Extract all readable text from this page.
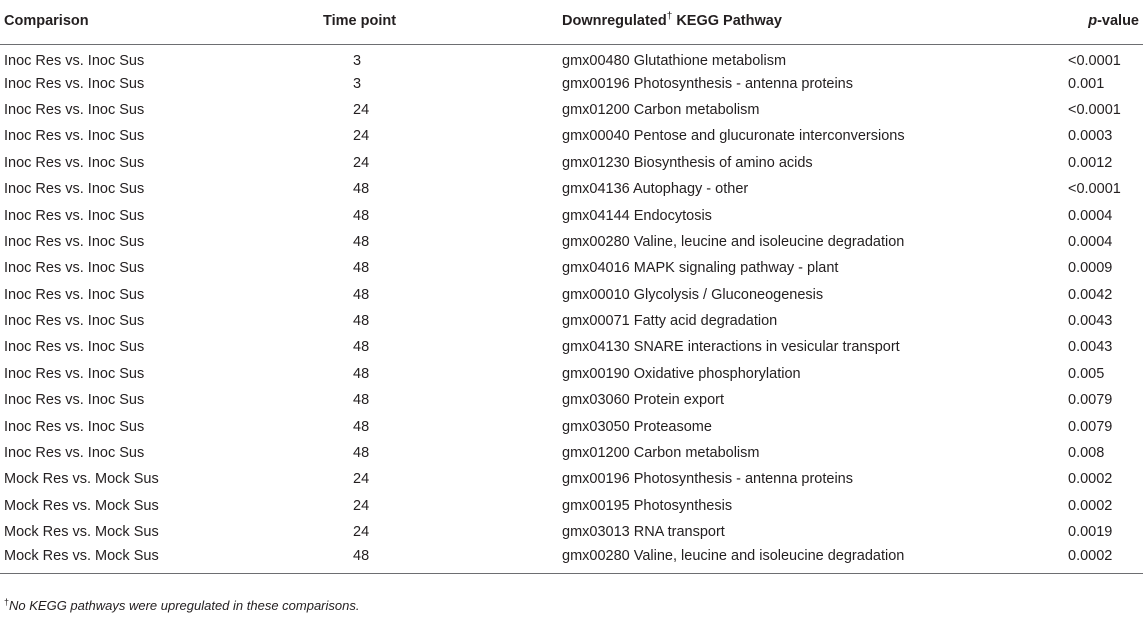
Comparison	Time point	Downregulated† KEGG Pathway	p-value
Inoc Res vs. Inoc Sus	3	gmx00480 Glutathione metabolism	<0.0001
Inoc Res vs. Inoc Sus	3	gmx00196 Photosynthesis - antenna proteins	0.001
Inoc Res vs. Inoc Sus	24	gmx01200 Carbon metabolism	<0.0001
Inoc Res vs. Inoc Sus	24	gmx00040 Pentose and glucuronate interconversions	0.0003
Inoc Res vs. Inoc Sus	24	gmx01230 Biosynthesis of amino acids	0.0012
Inoc Res vs. Inoc Sus	48	gmx04136 Autophagy - other	<0.0001
Inoc Res vs. Inoc Sus	48	gmx04144 Endocytosis	0.0004
Inoc Res vs. Inoc Sus	48	gmx00280 Valine, leucine and isoleucine degradation	0.0004
Inoc Res vs. Inoc Sus	48	gmx04016 MAPK signaling pathway - plant	0.0009
Inoc Res vs. Inoc Sus	48	gmx00010 Glycolysis / Gluconeogenesis	0.0042
Inoc Res vs. Inoc Sus	48	gmx00071 Fatty acid degradation	0.0043
Inoc Res vs. Inoc Sus	48	gmx04130 SNARE interactions in vesicular transport	0.0043
Inoc Res vs. Inoc Sus	48	gmx00190 Oxidative phosphorylation	0.005
Inoc Res vs. Inoc Sus	48	gmx03060 Protein export	0.0079
Inoc Res vs. Inoc Sus	48	gmx03050 Proteasome	0.0079
Inoc Res vs. Inoc Sus	48	gmx01200 Carbon metabolism	0.008
Mock Res vs. Mock Sus	24	gmx00196 Photosynthesis - antenna proteins	0.0002
Mock Res vs. Mock Sus	24	gmx00195 Photosynthesis	0.0002
Mock Res vs. Mock Sus	24	gmx03013 RNA transport	0.0019
Mock Res vs. Mock Sus	48	gmx00280 Valine, leucine and isoleucine degradation	0.0002
†No KEGG pathways were upregulated in these comparisons.
